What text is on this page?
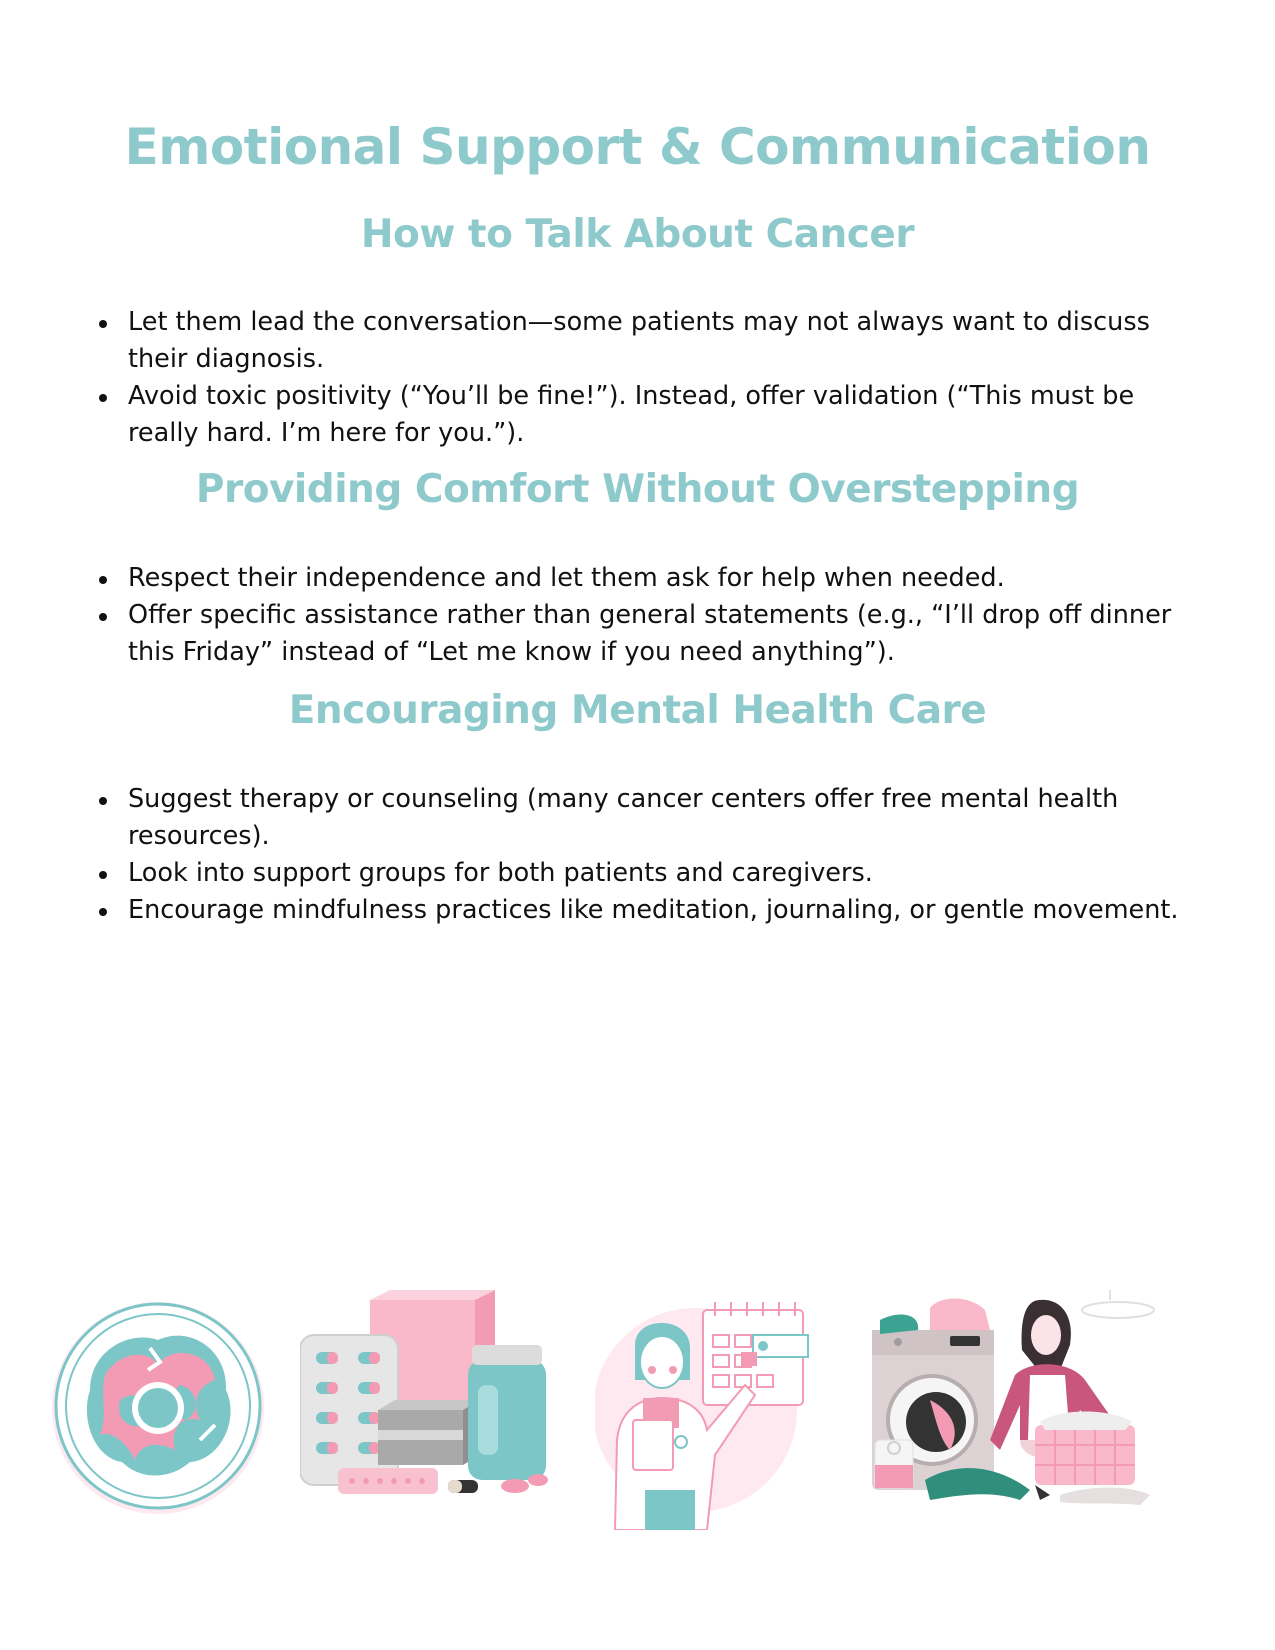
Emotional Support & Communication
How to Talk About Cancer
Let them lead the conversation—some patients may not always want to discuss their diagnosis.
Avoid toxic positivity (“You’ll be fine!”). Instead, offer validation (“This must be really hard. I’m here for you.”).
Providing Comfort Without Overstepping
Respect their independence and let them ask for help when needed.
Offer specific assistance rather than general statements (e.g., “I’ll drop off dinner this Friday” instead of “Let me know if you need anything”).
Encouraging Mental Health Care
Suggest therapy or counseling (many cancer centers offer free mental health resources).
Look into support groups for both patients and caregivers.
Encourage mindfulness practices like meditation, journaling, or gentle movement.
